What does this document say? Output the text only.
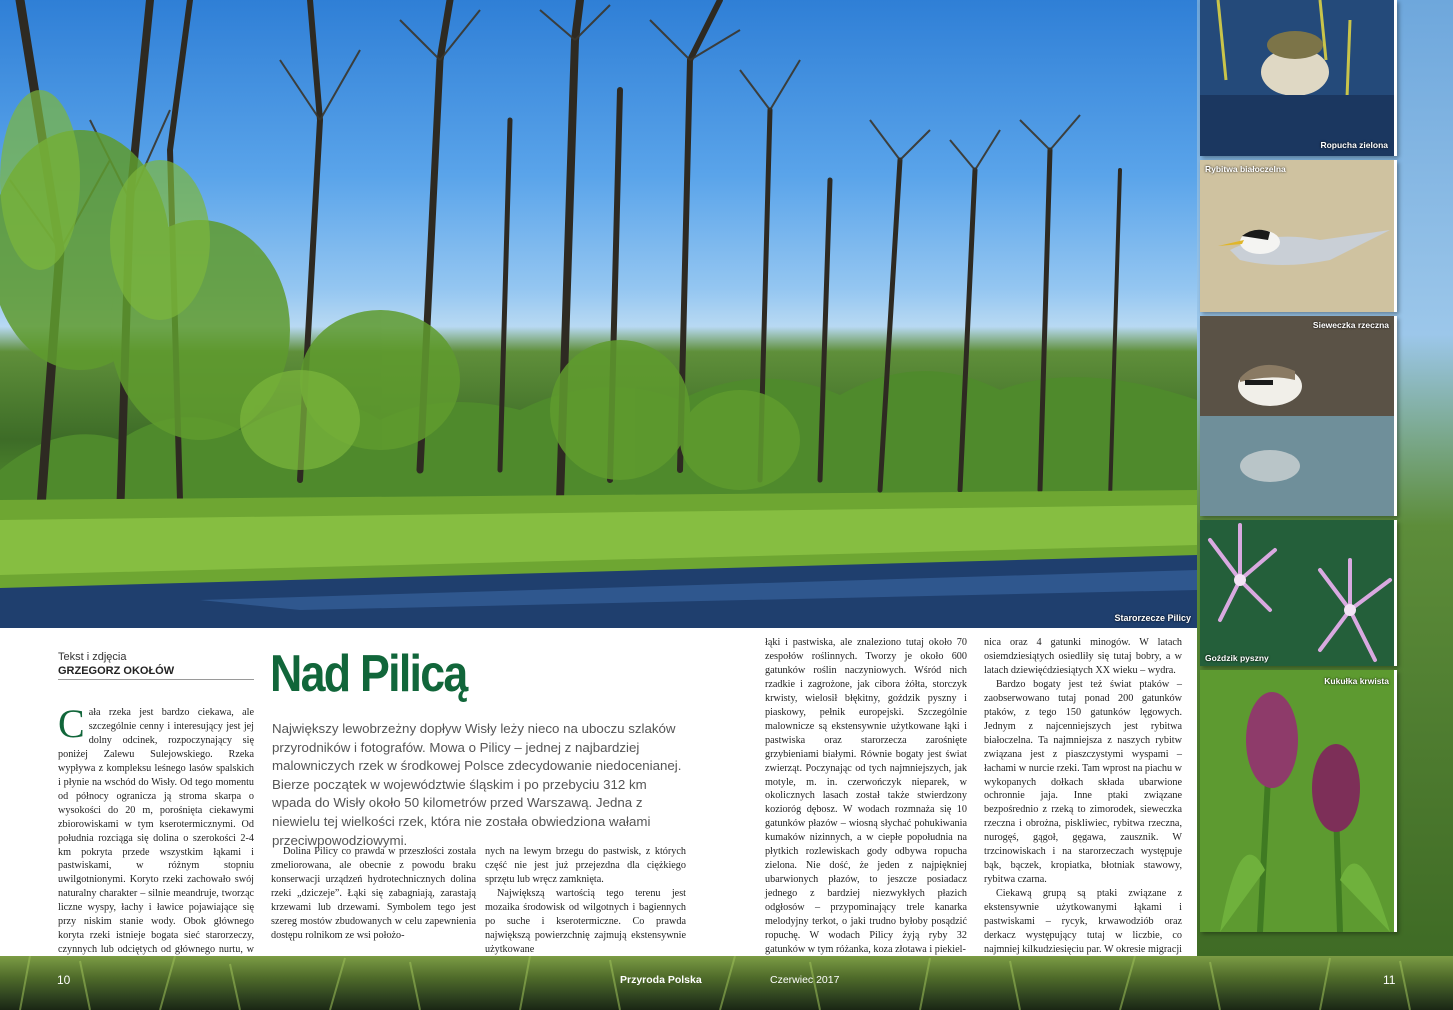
Starorzecze Pilicy
Ropucha zielona
Rybitwa białoczelna
Sieweczka rzeczna
Goździk pyszny
Kukułka krwista
Tekst i zdjęcia
GRZEGORZ OKOŁÓW Nad Pilicą
Największy lewobrzeżny dopływ Wisły leży nieco na uboczu szlaków przyrodników i fotografów. Mowa o Pilicy – jednej z najbardziej malowniczych rzek w środkowej Polsce zdecydowanie niedocenianej. Bierze początek w województwie śląskim i po przebyciu 312 km wpada do Wisły około 50 kilometrów przed Warszawą. Jedna z niewielu tej wielkości rzek, która nie została obwiedziona wałami przeciwpowodziowymi.

Cała rzeka jest bardzo ciekawa, ale szczególnie cenny i interesujący jest jej dolny odcinek, rozpoczynający się poniżej Zalewu Sulejowskiego. Rzeka wypływa z kompleksu leśnego lasów spalskich i płynie na wschód do Wisły. Od tego momentu od północy ogranicza ją stroma skarpa o wysokości do 20 m, porośnięta ciekawymi zbiorowiskami w tym kserotermicznymi. Od południa rozciąga się dolina o szerokości 2-4 km pokryta przede wszystkim łąkami i pastwiskami, w różnym stopniu uwilgotnionymi. Koryto rzeki zachowało swój naturalny charakter – silnie meandruje, tworząc liczne wyspy, łachy i ławice pojawiające się przy niskim stanie wody. Obok głównego koryta rzeki istnieje bogata sieć starorzeczy, czynnych lub odciętych od głównego nurtu, w

Dolina Pilicy co prawda w przeszłości została zmeliorowana, ale obecnie z powodu braku konserwacji urządzeń hydrotechnicznych dolina rzeki „dziczeje”. Łąki się zabagniają, zarastają krzewami lub drzewami. Symbolem tego jest szereg mostów zbudowanych w celu zapewnienia dostępu rolnikom ze wsi położo-

nych na lewym brzegu do pastwisk, z których część nie jest już przejezdna dla ciężkiego sprzętu lub wręcz zamknięta.

Największą wartością tego terenu jest mozaika środowisk od wilgotnych i bagiennych po suche i kserotermiczne. Co prawda największą powierzchnię zajmują ekstensywnie użytkowane

łąki i pastwiska, ale znaleziono tutaj około 70 zespołów roślinnych. Tworzy je około 600 gatunków roślin naczyniowych. Wśród nich rzadkie i zagrożone, jak cibora żółta, storczyk krwisty, wielosił błękitny, goździk pyszny i piaskowy, pełnik europejski. Szczególnie malownicze są ekstensywnie użytkowane łąki i pastwiska oraz starorzecza zarośnięte grzybieniami białymi. Równie bogaty jest świat zwierząt. Poczynając od tych najmniejszych, jak motyle, m. in. czerwończyk nieparek, w okolicznych lasach został także stwierdzony kozioróg dębosz. W wodach rozmnaża się 10 gatunków płazów – wiosną słychać pohukiwania kumaków nizinnych, a w ciepłe popołudnia na płytkich rozlewiskach gody odbywa ropucha zielona. Nie dość, że jeden z najpiękniej ubarwionych płazów, to jeszcze posiadacz jednego z bardziej niezwykłych płazich odgłosów – przypominający trele kanarka melodyjny terkot, o jaki trudno byłoby posądzić ropuchę. W wodach Pilicy żyją ryby 32 gatunków w tym różanka, koza złotawa i piekiel-

nica oraz 4 gatunki minogów. W latach osiemdziesiątych osiedliły się tutaj bobry, a w latach dziewięćdziesiątych XX wieku – wydra.

Bardzo bogaty jest też świat ptaków – zaobserwowano tutaj ponad 200 gatunków ptaków, z tego 150 gatunków lęgowych. Jednym z najcenniejszych jest rybitwa białoczelna. Ta najmniejsza z naszych rybitw związana jest z piaszczystymi wyspami – łachami w nurcie rzeki. Tam wprost na piachu w wykopanych dołkach składa ubarwione ochronnie jaja. Inne ptaki związane bezpośrednio z rzeką to zimorodek, sieweczka rzeczna i obrożna, piskliwiec, rybitwa rzeczna, nurogęś, gągoł, gęgawa, zausznik. W trzcinowiskach i na starorzeczach występuje bąk, bączek, kropiatka, błotniak stawowy, rybitwa czarna.

Ciekawą grupą są ptaki związane z ekstensywnie użytkowanymi łąkami i pastwiskami – rycyk, krwawodziób oraz derkacz występujący tutaj w liczbie, co najmniej kilkudziesięciu par. W okresie migracji

10	Przyroda Polska	Czerwiec 2017	11
